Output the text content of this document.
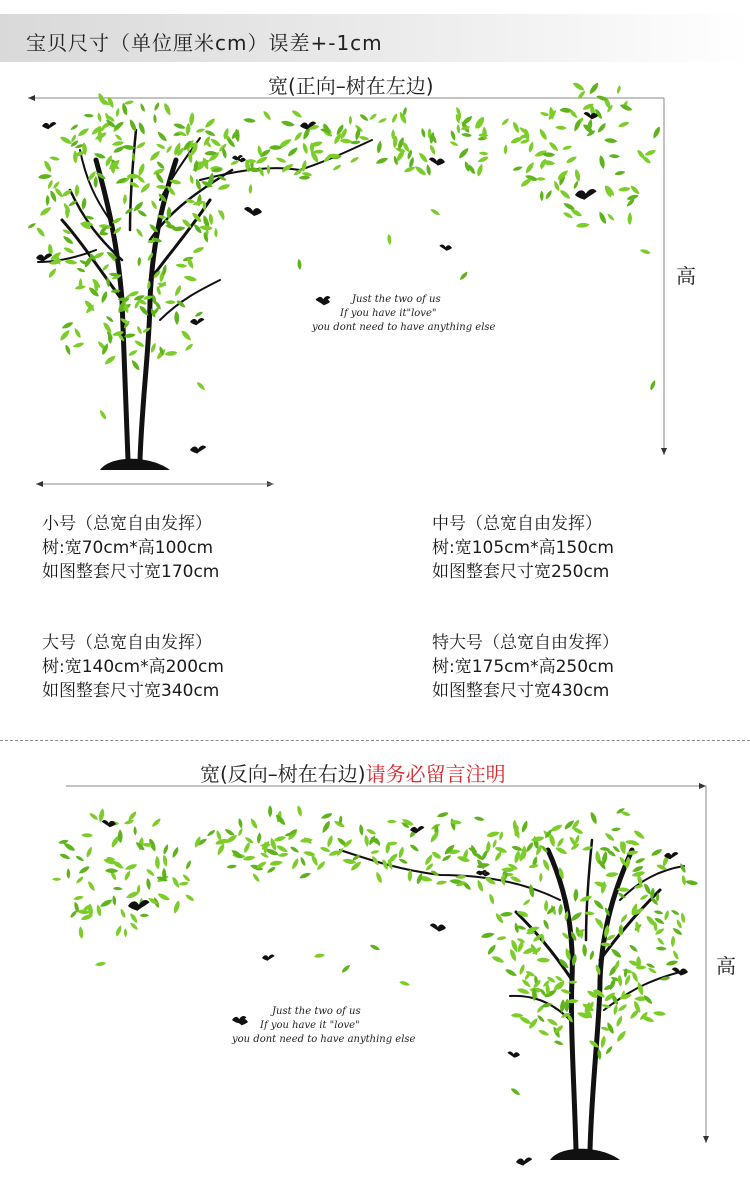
宝贝尺寸（单位厘米cm）误差+-1cm
宽(正向–树在左边)
高
小号（总宽自由发挥）
树:宽70cm*高100cm
如图整套尺寸宽170cm
中号（总宽自由发挥）
树:宽105cm*高150cm
如图整套尺寸宽250cm
大号（总宽自由发挥）
树:宽140cm*高200cm
如图整套尺寸宽340cm
特大号（总宽自由发挥）
树:宽175cm*高250cm
如图整套尺寸宽430cm
宽(反向–树在右边)请务必留言注明
高
Just the two of us
If you have it"love"
you dont need to have anything else
Just the two of us
If you have it "love"
you dont need to have anything else
